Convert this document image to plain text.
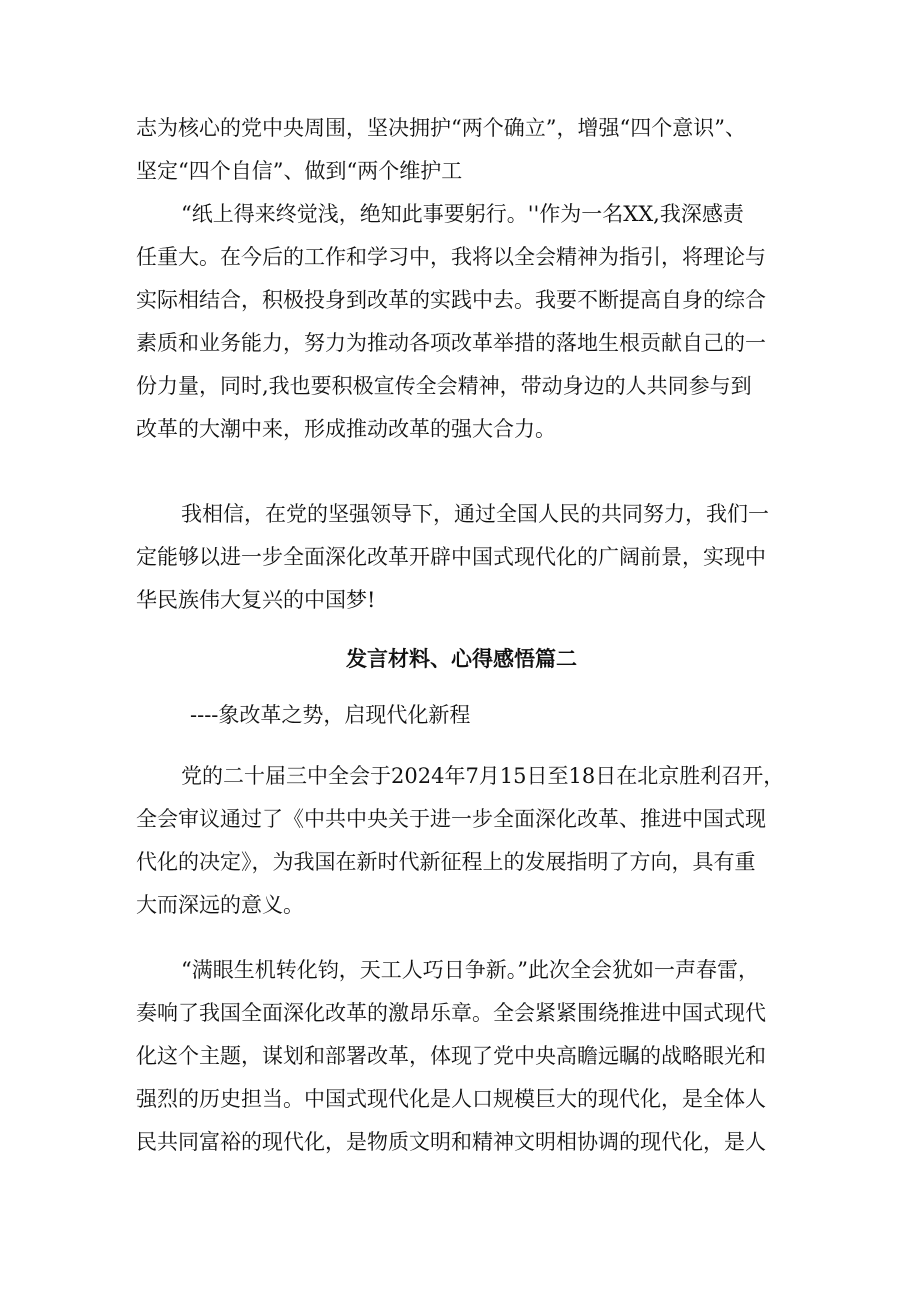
志为核心的党中央周围，坚决拥护“两个确立”，增强“四个意识”、
坚定“四个自信”、做到“两个维护工
“纸上得来终觉浅，绝知此事要躬行。''作为一名XX,我深感责
任重大。在今后的工作和学习中，我将以全会精神为指引，将理论与
实际相结合，积极投身到改革的实践中去。我要不断提高自身的综合
素质和业务能力，努力为推动各项改革举措的落地生根贡献自己的一
份力量，同时,我也要积极宣传全会精神，带动身边的人共同参与到
改革的大潮中来，形成推动改革的强大合力。
我相信，在党的坚强领导下，通过全国人民的共同努力，我们一
定能够以进一步全面深化改革开辟中国式现代化的广阔前景，实现中
华民族伟大复兴的中国梦!
发言材料、心得感悟篇二
----象改革之势，启现代化新程
党的二十届三中全会于2024年7月15日至18日在北京胜利召开，
全会审议通过了《中共中央关于进一步全面深化改革、推进中国式现
代化的决定》，为我国在新时代新征程上的发展指明了方向，具有重
大而深远的意义。
“满眼生机转化钧，天工人巧日争新。”此次全会犹如一声春雷，
奏响了我国全面深化改革的激昂乐章。全会紧紧围绕推进中国式现代
化这个主题，谋划和部署改革，体现了党中央高瞻远瞩的战略眼光和
强烈的历史担当。中国式现代化是人口规模巨大的现代化，是全体人
民共同富裕的现代化，是物质文明和精神文明相协调的现代化，是人
